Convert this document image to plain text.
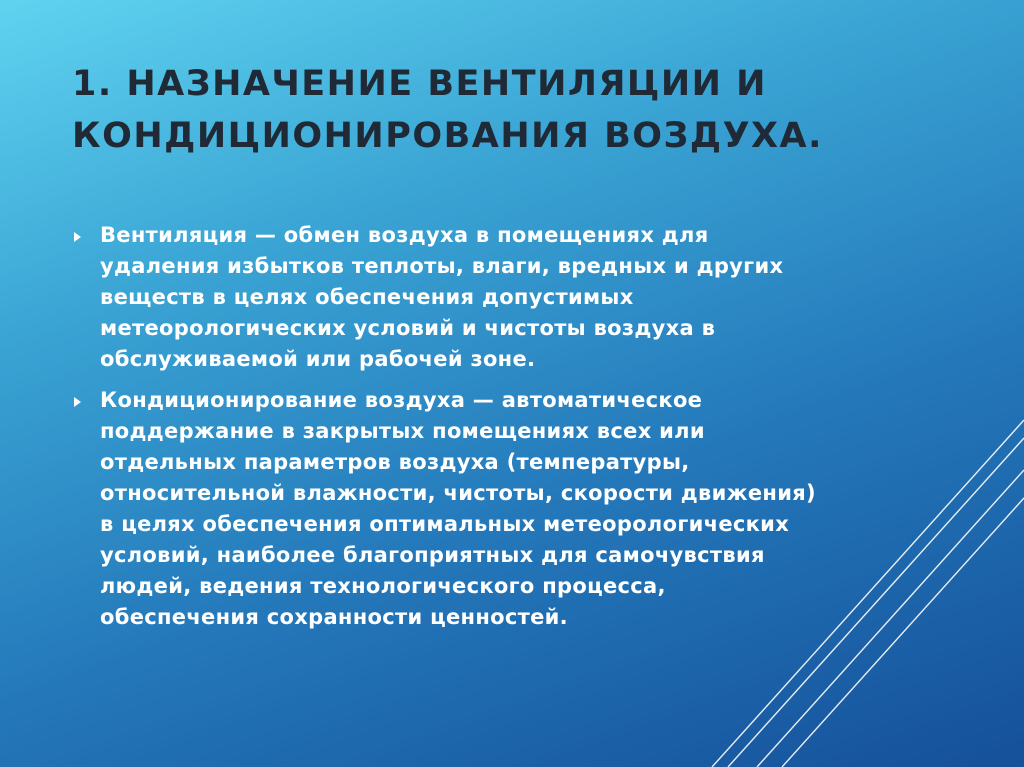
1. НАЗНАЧЕНИЕ ВЕНТИЛЯЦИИ И
КОНДИЦИОНИРОВАНИЯ ВОЗДУХА.
Вентиляция — обмен воздуха в помещениях для
удаления избытков теплоты, влаги, вредных и других
веществ в целях обеспечения допустимых
метеорологических условий и чистоты воздуха в
обслуживаемой или рабочей зоне.
Кондиционирование воздуха — автоматическое
поддержание в закрытых помещениях всех или
отдельных параметров воздуха (температуры,
относительной влажности, чистоты, скорости движения)
в целях обеспечения оптимальных метеорологических
условий, наиболее благоприятных для самочувствия
людей, ведения технологического процесса,
обеспечения сохранности ценностей.
